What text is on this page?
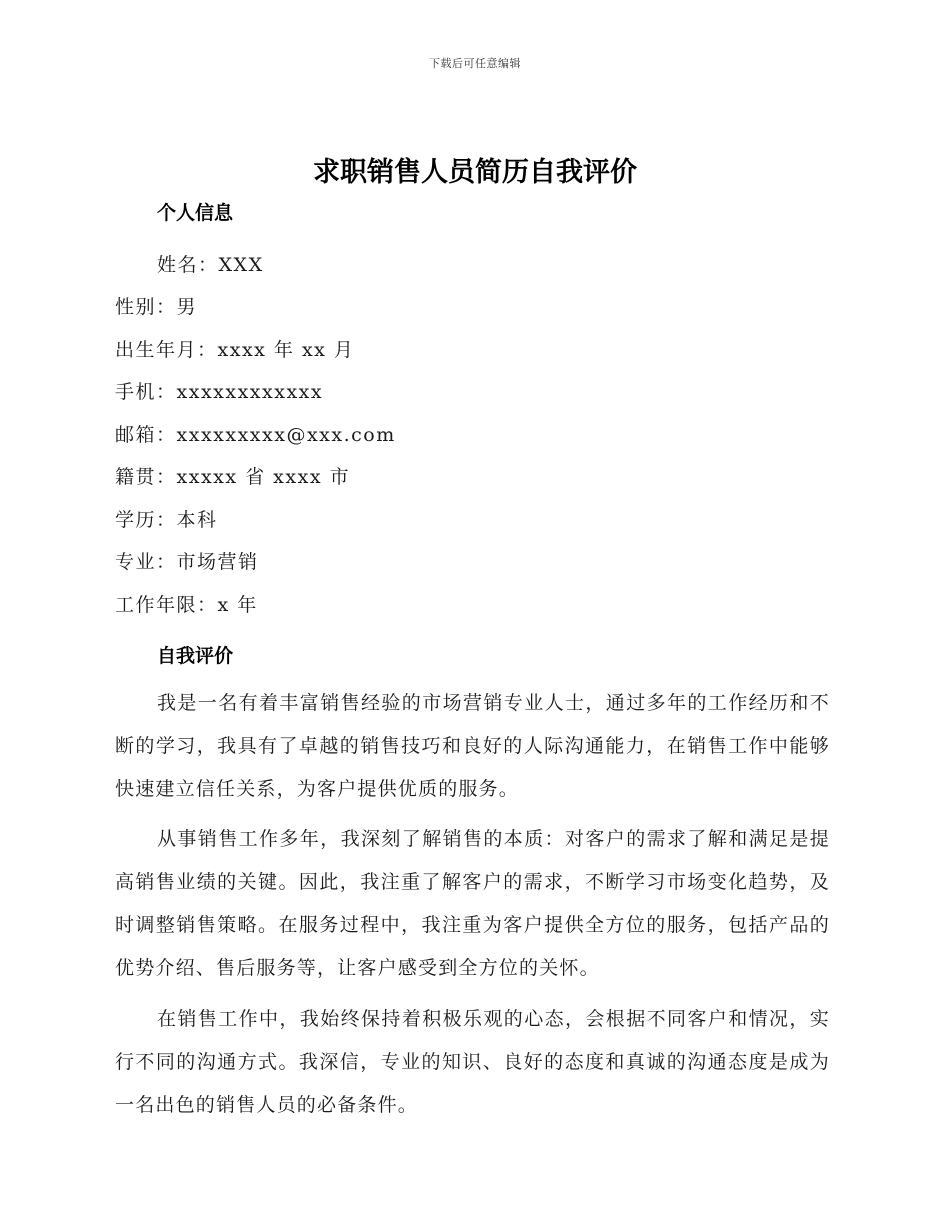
下载后可任意编辑
求职销售人员简历自我评价
个人信息
姓名：XXX
性别：男
出生年月：xxxx 年 xx 月
手机：xxxxxxxxxxxx
邮箱：xxxxxxxxx@xxx.com
籍贯：xxxxx 省 xxxx 市
学历：本科
专业：市场营销
工作年限：x 年
自我评价

我是一名有着丰富销售经验的市场营销专业人士，通过多年的工作经历和不断的学习，我具有了卓越的销售技巧和良好的人际沟通能力，在销售工作中能够快速建立信任关系，为客户提供优质的服务。

从事销售工作多年，我深刻了解销售的本质：对客户的需求了解和满足是提高销售业绩的关键。因此，我注重了解客户的需求，不断学习市场变化趋势，及时调整销售策略。在服务过程中，我注重为客户提供全方位的服务，包括产品的优势介绍、售后服务等，让客户感受到全方位的关怀。

在销售工作中，我始终保持着积极乐观的心态，会根据不同客户和情况，实行不同的沟通方式。我深信，专业的知识、良好的态度和真诚的沟通态度是成为一名出色的销售人员的必备条件。
